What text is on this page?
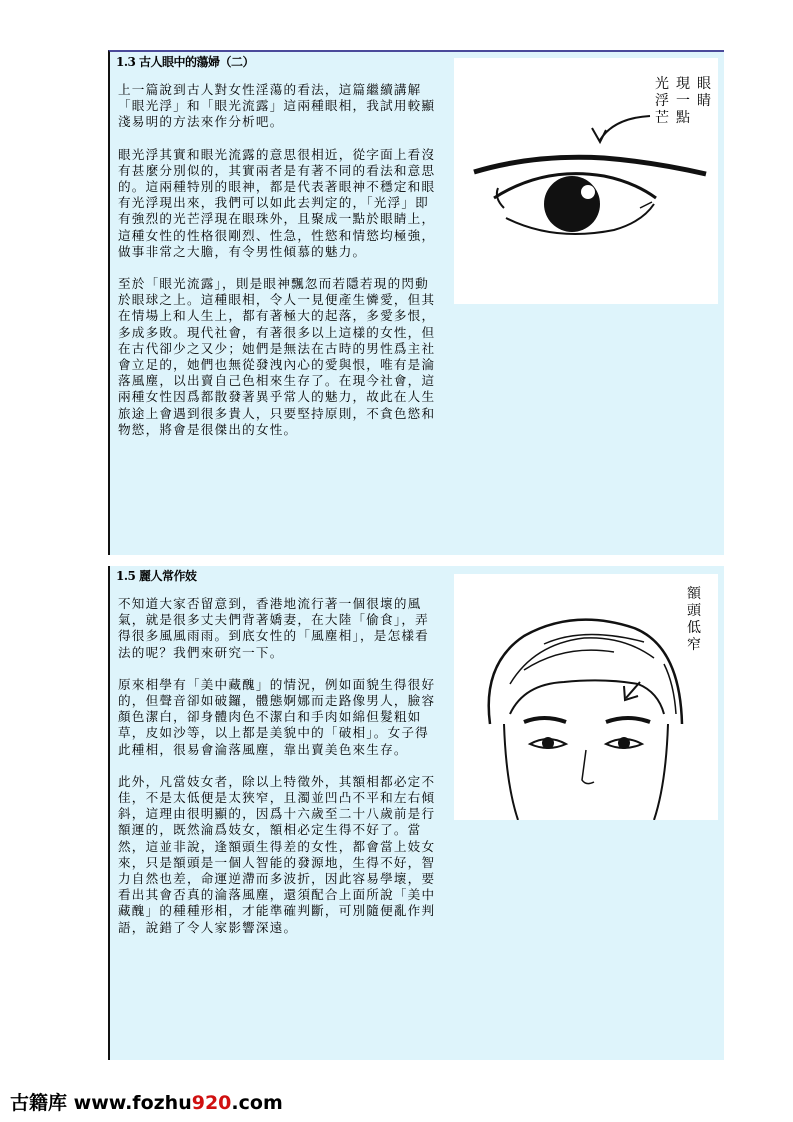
1.3 古人眼中的蕩婦（二）

上一篇說到古人對女性淫蕩的看法，這篇繼續講解「眼光浮」和「眼光流露」這兩種眼相，我試用較顯淺易明的方法來作分析吧。

眼光浮其實和眼光流露的意思很相近，從字面上看沒有甚麼分別似的，其實兩者是有著不同的看法和意思的。這兩種特別的眼神，都是代表著眼神不穩定和眼有光浮現出來，我們可以如此去判定的，「光浮」即有強烈的光芒浮現在眼珠外，且聚成一點於眼睛上，這種女性的性格很剛烈、性急，性慾和情慾均極強，做事非常之大膽，有令男性傾慕的魅力。

至於「眼光流露」，則是眼神飄忽而若隱若現的閃動於眼球之上。這種眼相，令人一見便產生憐愛，但其在情場上和人生上，都有著極大的起落，多愛多恨，多成多敗。現代社會，有著很多以上這樣的女性，但在古代卻少之又少；她們是無法在古時的男性爲主社會立足的，她們也無從發洩內心的愛與恨，唯有是淪落風塵，以出賣自己色相來生存了。在現今社會，這兩種女性因爲都散發著異乎常人的魅力，故此在人生旅途上會遇到很多貴人，只要堅持原則，不貪色慾和物慾，將會是很傑出的女性。

眼睛
現一點
光浮
芒
1.5 麗人常作妓

不知道大家否留意到，香港地流行著一個很壞的風氣，就是很多丈夫們背著嬌妻，在大陸「偷食」，弄得很多風風雨雨。到底女性的「風塵相」，是怎樣看法的呢？我們來研究一下。

原來相學有「美中藏醜」的情況，例如面貌生得很好的，但聲音卻如破鑼，體態婀娜而走路像男人，臉容顏色潔白，卻身體肉色不潔白和手肉如綿但髮粗如草，皮如沙等，以上都是美貌中的「破相」。女子得此種相，很易會淪落風塵，靠出賣美色來生存。

此外，凡當妓女者，除以上特徵外，其額相都必定不佳，不是太低便是太狹窄，且濁並凹凸不平和左右傾斜，這理由很明顯的，因爲十六歲至二十八歲前是行額運的，既然淪爲妓女，額相必定生得不好了。當然，這並非說，逢額頭生得差的女性，都會當上妓女來，只是額頭是一個人智能的發源地，生得不好，智力自然也差，命運逆滯而多波折，因此容易學壞，要看出其會否真的淪落風塵，還須配合上面所說「美中藏醜」的種種形相，才能準確判斷，可別隨便亂作判語，說錯了令人家影響深遠。

額頭低窄
古籍库 www.fozhu920.com
